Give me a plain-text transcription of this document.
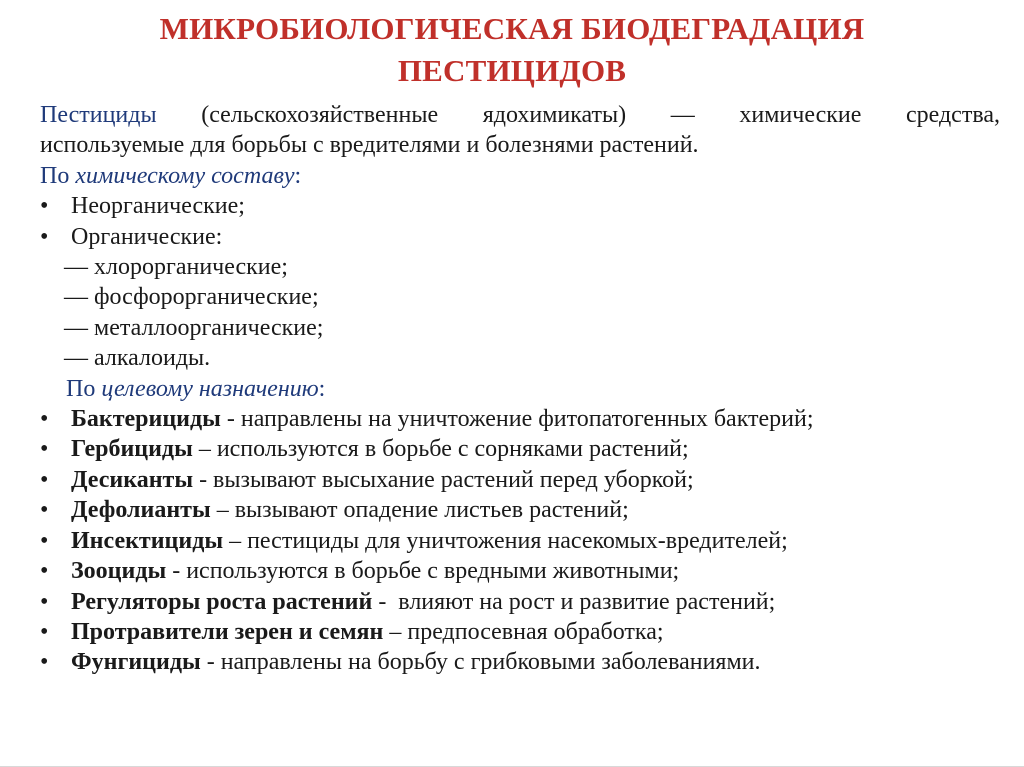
МИКРОБИОЛОГИЧЕСКАЯ БИОДЕГРАДАЦИЯ
ПЕСТИЦИДОВ
Пестициды (сельскохозяйственные ядохимикаты) — химические средства,
используемые для борьбы с вредителями и болезнями растений.
По химическому составу:
• Неорганические;
• Органические:
— хлорорганические;
— фосфорорганические;
— металлоорганические;
— алкалоиды.
По целевому назначению:
• Бактерициды - направлены на уничтожение фитопатогенных бактерий;
• Гербициды – используются в борьбе с сорняками растений;
• Десиканты - вызывают высыхание растений перед уборкой;
• Дефолианты – вызывают опадение листьев растений;
• Инсектициды – пестициды для уничтожения насекомых-вредителей;
• Зооциды - используются в борьбе с вредными животными;
• Регуляторы роста растений -  влияют на рост и развитие растений;
• Протравители зерен и семян – предпосевная обработка;
• Фунгициды - направлены на борьбу с грибковыми заболеваниями.
